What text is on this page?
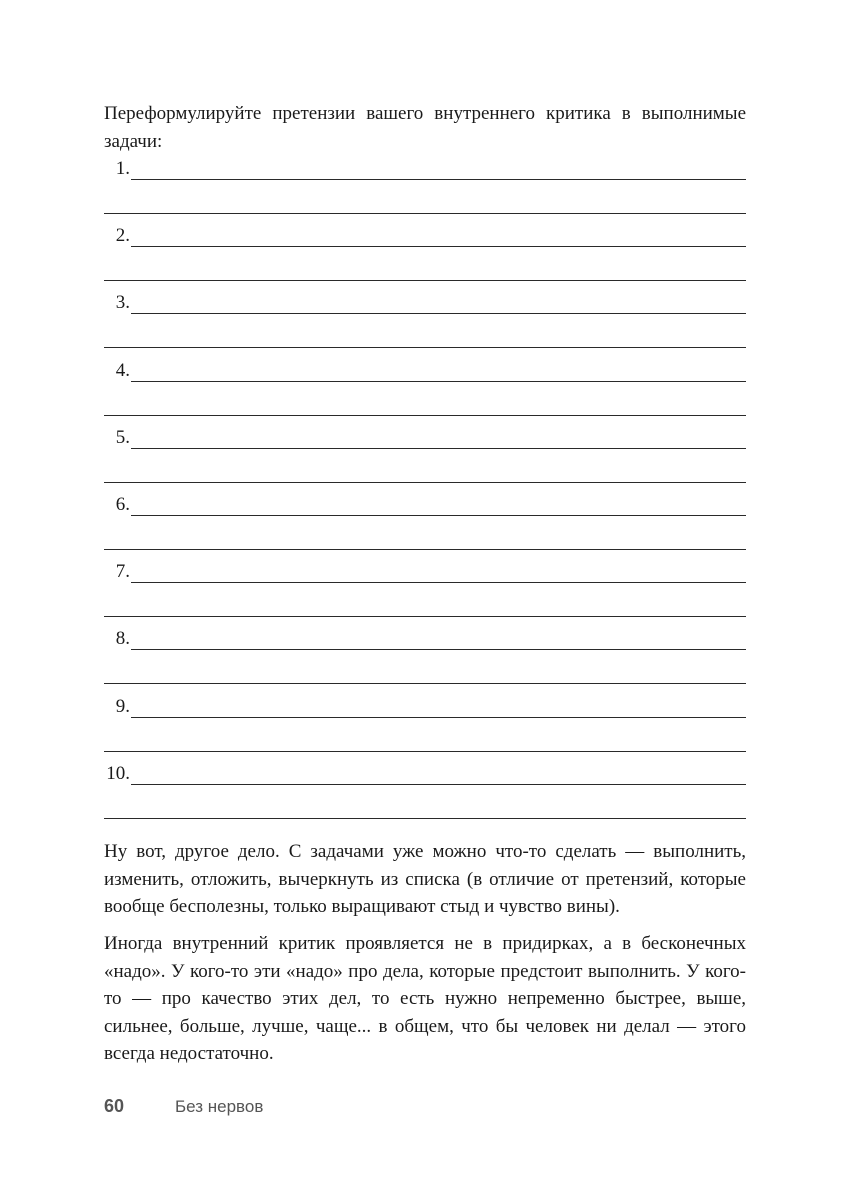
Переформулируйте претензии вашего внутреннего критика в выполнимые задачи:

1.
2.
3.
4.
5.
6.
7.
8.
9.
10.

Ну вот, другое дело. С задачами уже можно что-то сделать — выполнить, изменить, отложить, вычеркнуть из списка (в отличие от претензий, которые вообще бесполезны, только выращивают стыд и чувство вины).

Иногда внутренний критик проявляется не в придирках, а в бесконечных «надо». У кого-то эти «надо» про дела, которые предстоит выполнить. У кого-то — про качество этих дел, то есть нужно непременно быстрее, выше, сильнее, больше, лучше, чаще... в общем, что бы человек ни делал — этого всегда недостаточно.

60	Без нервов
